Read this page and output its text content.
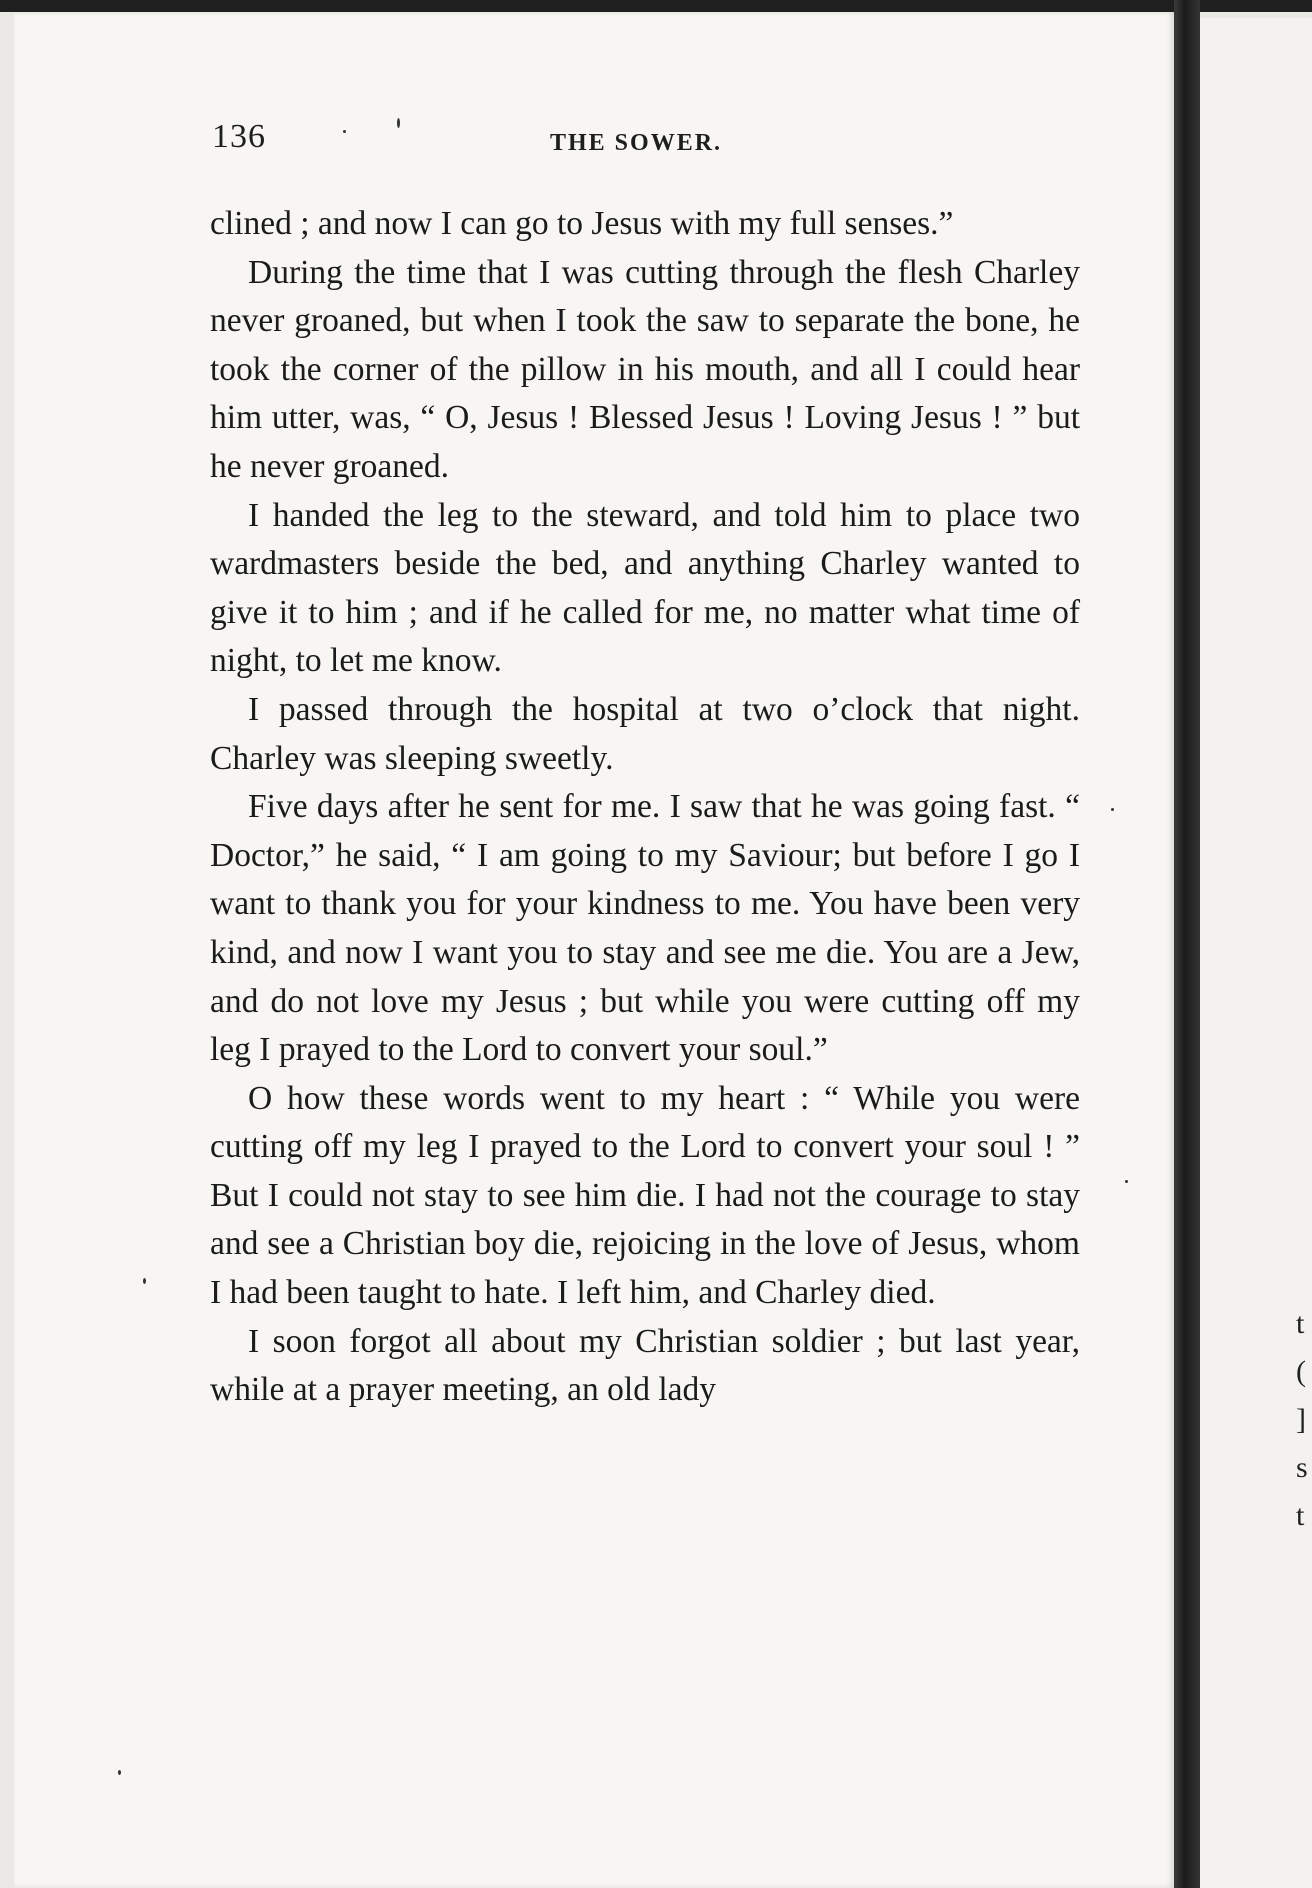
t
(
]
s
t
136	THE SOWER.

clined ; and now I can go to Jesus with my full senses.”

During the time that I was cutting through the flesh Charley never groaned, but when I took the saw to separate the bone, he took the corner of the pillow in his mouth, and all I could hear him utter, was, “ O, Jesus ! Blessed Jesus ! Loving Jesus ! ” but he never groaned.

I handed the leg to the steward, and told him to place two wardmasters beside the bed, and anything Charley wanted to give it to him ; and if he called for me, no matter what time of night, to let me know.

I passed through the hospital at two o’clock that night. Charley was sleeping sweetly.

Five days after he sent for me. I saw that he was going fast. “ Doctor,” he said, “ I am going to my Saviour; but before I go I want to thank you for your kindness to me. You have been very kind, and now I want you to stay and see me die. You are a Jew, and do not love my Jesus ; but while you were cutting off my leg I prayed to the Lord to convert your soul.”

O how these words went to my heart : “ While you were cutting off my leg I prayed to the Lord to convert your soul ! ” But I could not stay to see him die. I had not the courage to stay and see a Christian boy die, rejoicing in the love of Jesus, whom I had been taught to hate. I left him, and Charley died.

I soon forgot all about my Christian soldier ; but last year, while at a prayer meeting, an old lady
